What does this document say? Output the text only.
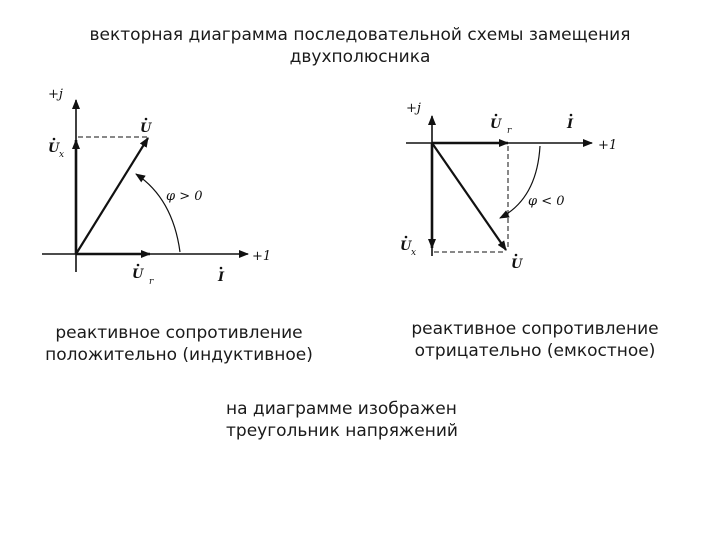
векторная диаграмма последовательной схемы замещения
двухполюсника
+j
+1
U
U x
U r	I
φ > 0
+j
+1
U r	I
U x
U
φ < 0
реактивное сопротивление
положительно (индуктивное)
реактивное сопротивление
отрицательно (емкостное)
на диаграмме изображен
треугольник напряжений
